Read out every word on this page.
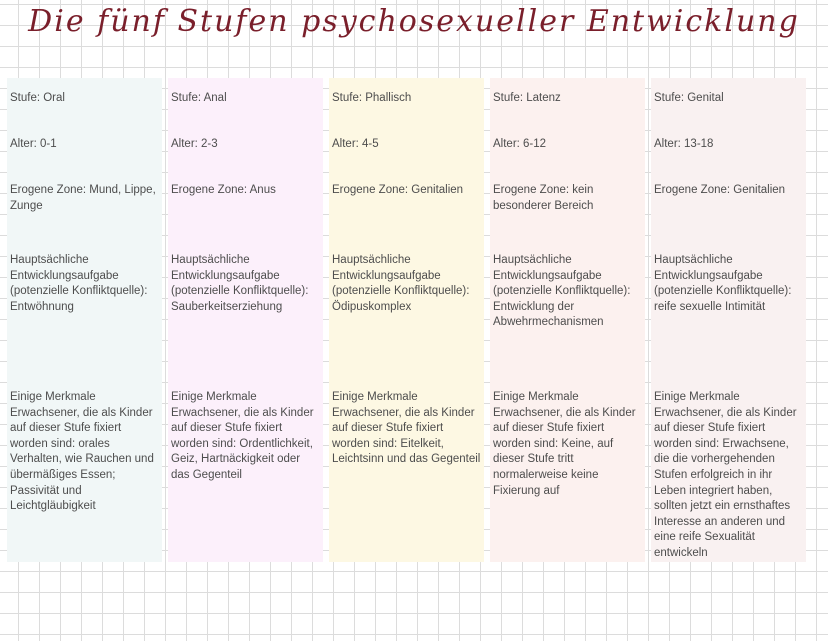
Die fünf Stufen psychosexueller Entwicklung
Stufe: Oral
Alter: 0-1
Erogene Zone: Mund, Lippe, Zunge
Hauptsächliche Entwicklungsaufgabe (potenzielle Konfliktquelle): Entwöhnung
Einige Merkmale Erwachsener, die als Kinder auf dieser Stufe fixiert worden sind: orales Verhalten, wie Rauchen und übermäßiges Essen; Passivität und Leichtgläubigkeit
Stufe: Anal
Alter: 2-3
Erogene Zone: Anus
Hauptsächliche Entwicklungsaufgabe (potenzielle Konfliktquelle): Sauberkeitserziehung
Einige Merkmale Erwachsener, die als Kinder auf dieser Stufe fixiert worden sind: Ordentlichkeit, Geiz, Hartnäckigkeit oder das Gegenteil
Stufe: Phallisch
Alter: 4-5
Erogene Zone: Genitalien
Hauptsächliche Entwicklungsaufgabe (potenzielle Konfliktquelle): Ödipuskomplex
Einige Merkmale Erwachsener, die als Kinder auf dieser Stufe fixiert worden sind: Eitelkeit, Leichtsinn und das Gegenteil
Stufe: Latenz
Alter: 6-12
Erogene Zone: kein besonderer Bereich
Hauptsächliche Entwicklungsaufgabe (potenzielle Konfliktquelle): Entwicklung der Abwehrmechanismen
Einige Merkmale Erwachsener, die als Kinder auf dieser Stufe fixiert worden sind: Keine, auf dieser Stufe tritt normalerweise keine Fixierung auf
Stufe: Genital
Alter: 13-18
Erogene Zone: Genitalien
Hauptsächliche Entwicklungsaufgabe (potenzielle Konfliktquelle): reife sexuelle Intimität
Einige Merkmale Erwachsener, die als Kinder auf dieser Stufe fixiert worden sind: Erwachsene, die die vorhergehenden Stufen erfolgreich in ihr Leben integriert haben, sollten jetzt ein ernsthaftes Interesse an anderen und eine reife Sexualität entwickeln
